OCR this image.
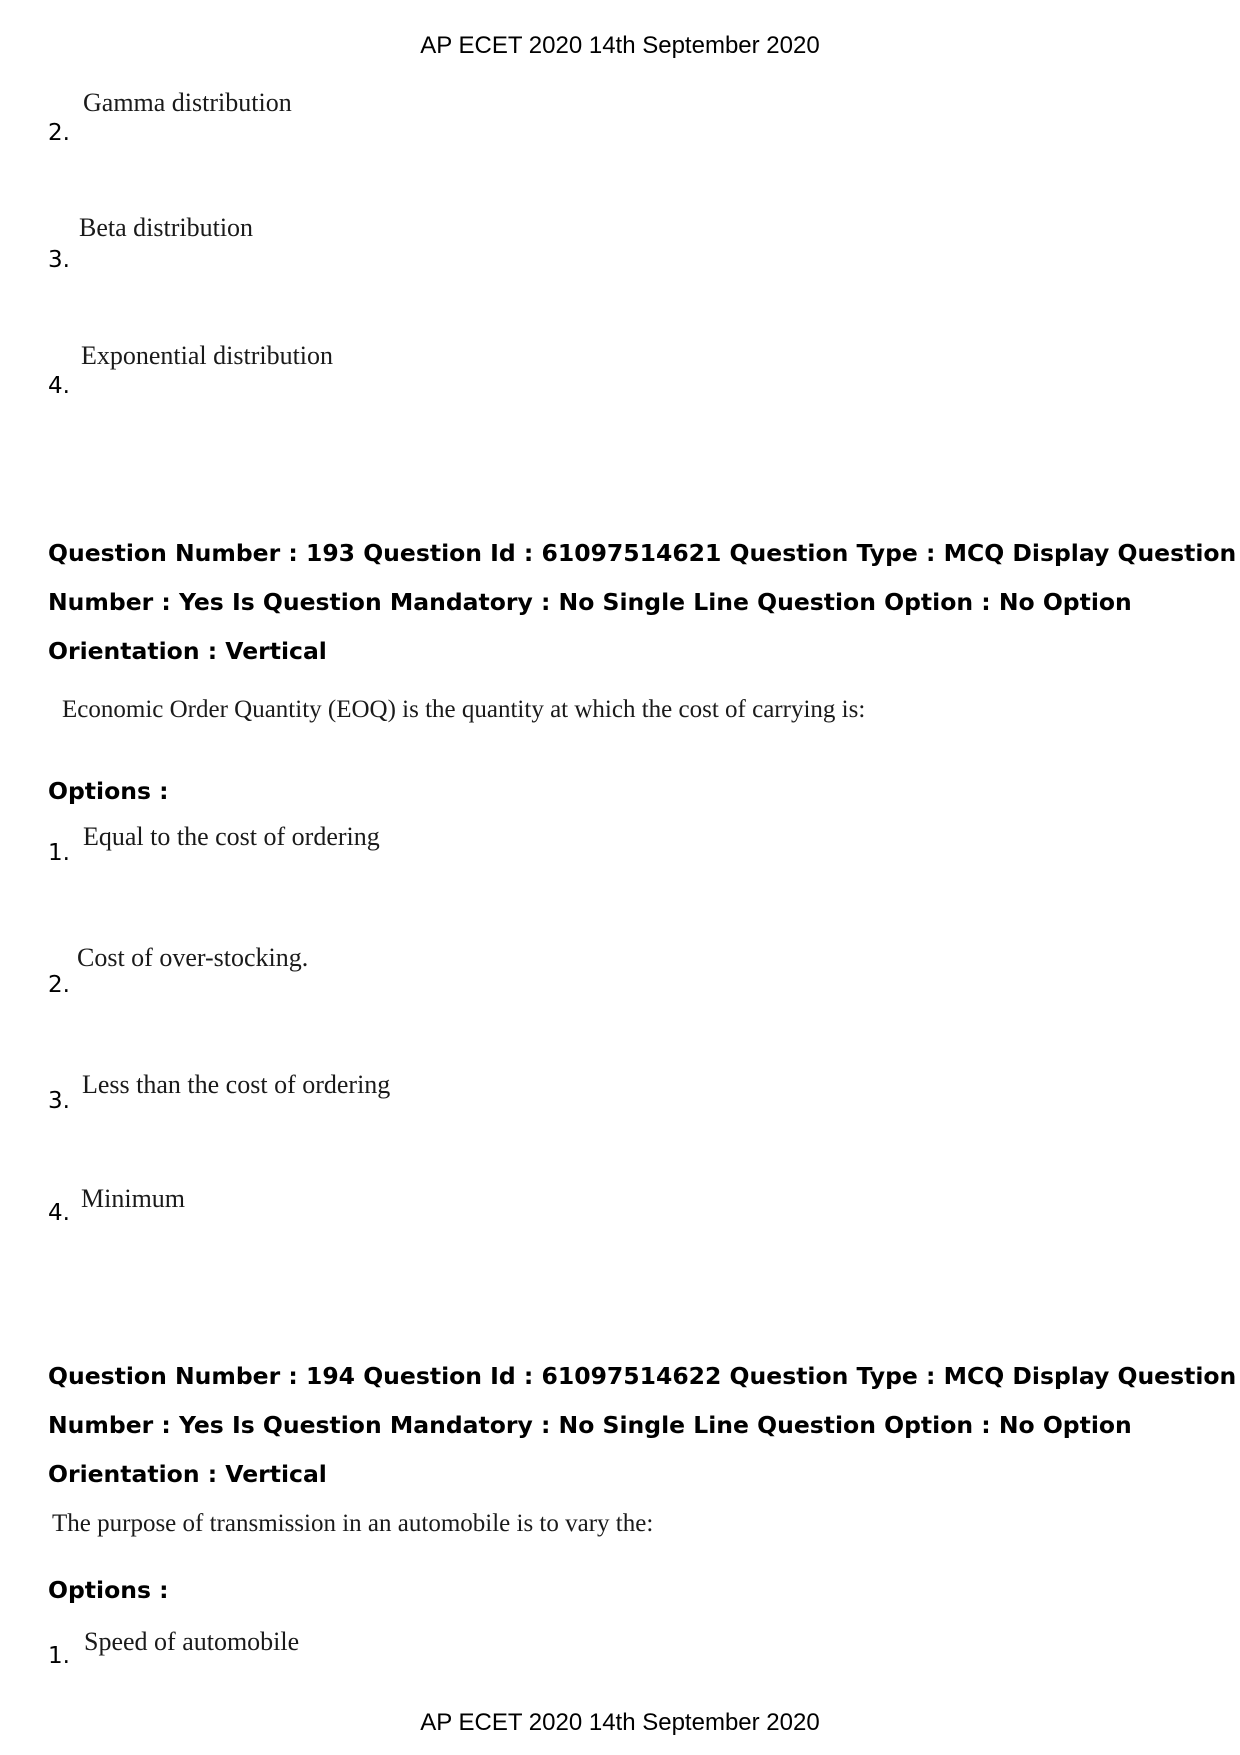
AP ECET 2020 14th September 2020
Gamma distribution
2.
Beta distribution
3.
Exponential distribution
4.
Question Number : 193 Question Id : 61097514621 Question Type : MCQ Display Question
Number : Yes Is Question Mandatory : No Single Line Question Option : No Option
Orientation : Vertical
Economic Order Quantity (EOQ) is the quantity at which the cost of carrying is:
Options :
Equal to the cost of ordering
1.
Cost of over-stocking.
2.
Less than the cost of ordering
3.
Minimum
4.
Question Number : 194 Question Id : 61097514622 Question Type : MCQ Display Question
Number : Yes Is Question Mandatory : No Single Line Question Option : No Option
Orientation : Vertical
The purpose of transmission in an automobile is to vary the:
Options :
Speed of automobile
1.
AP ECET 2020 14th September 2020
